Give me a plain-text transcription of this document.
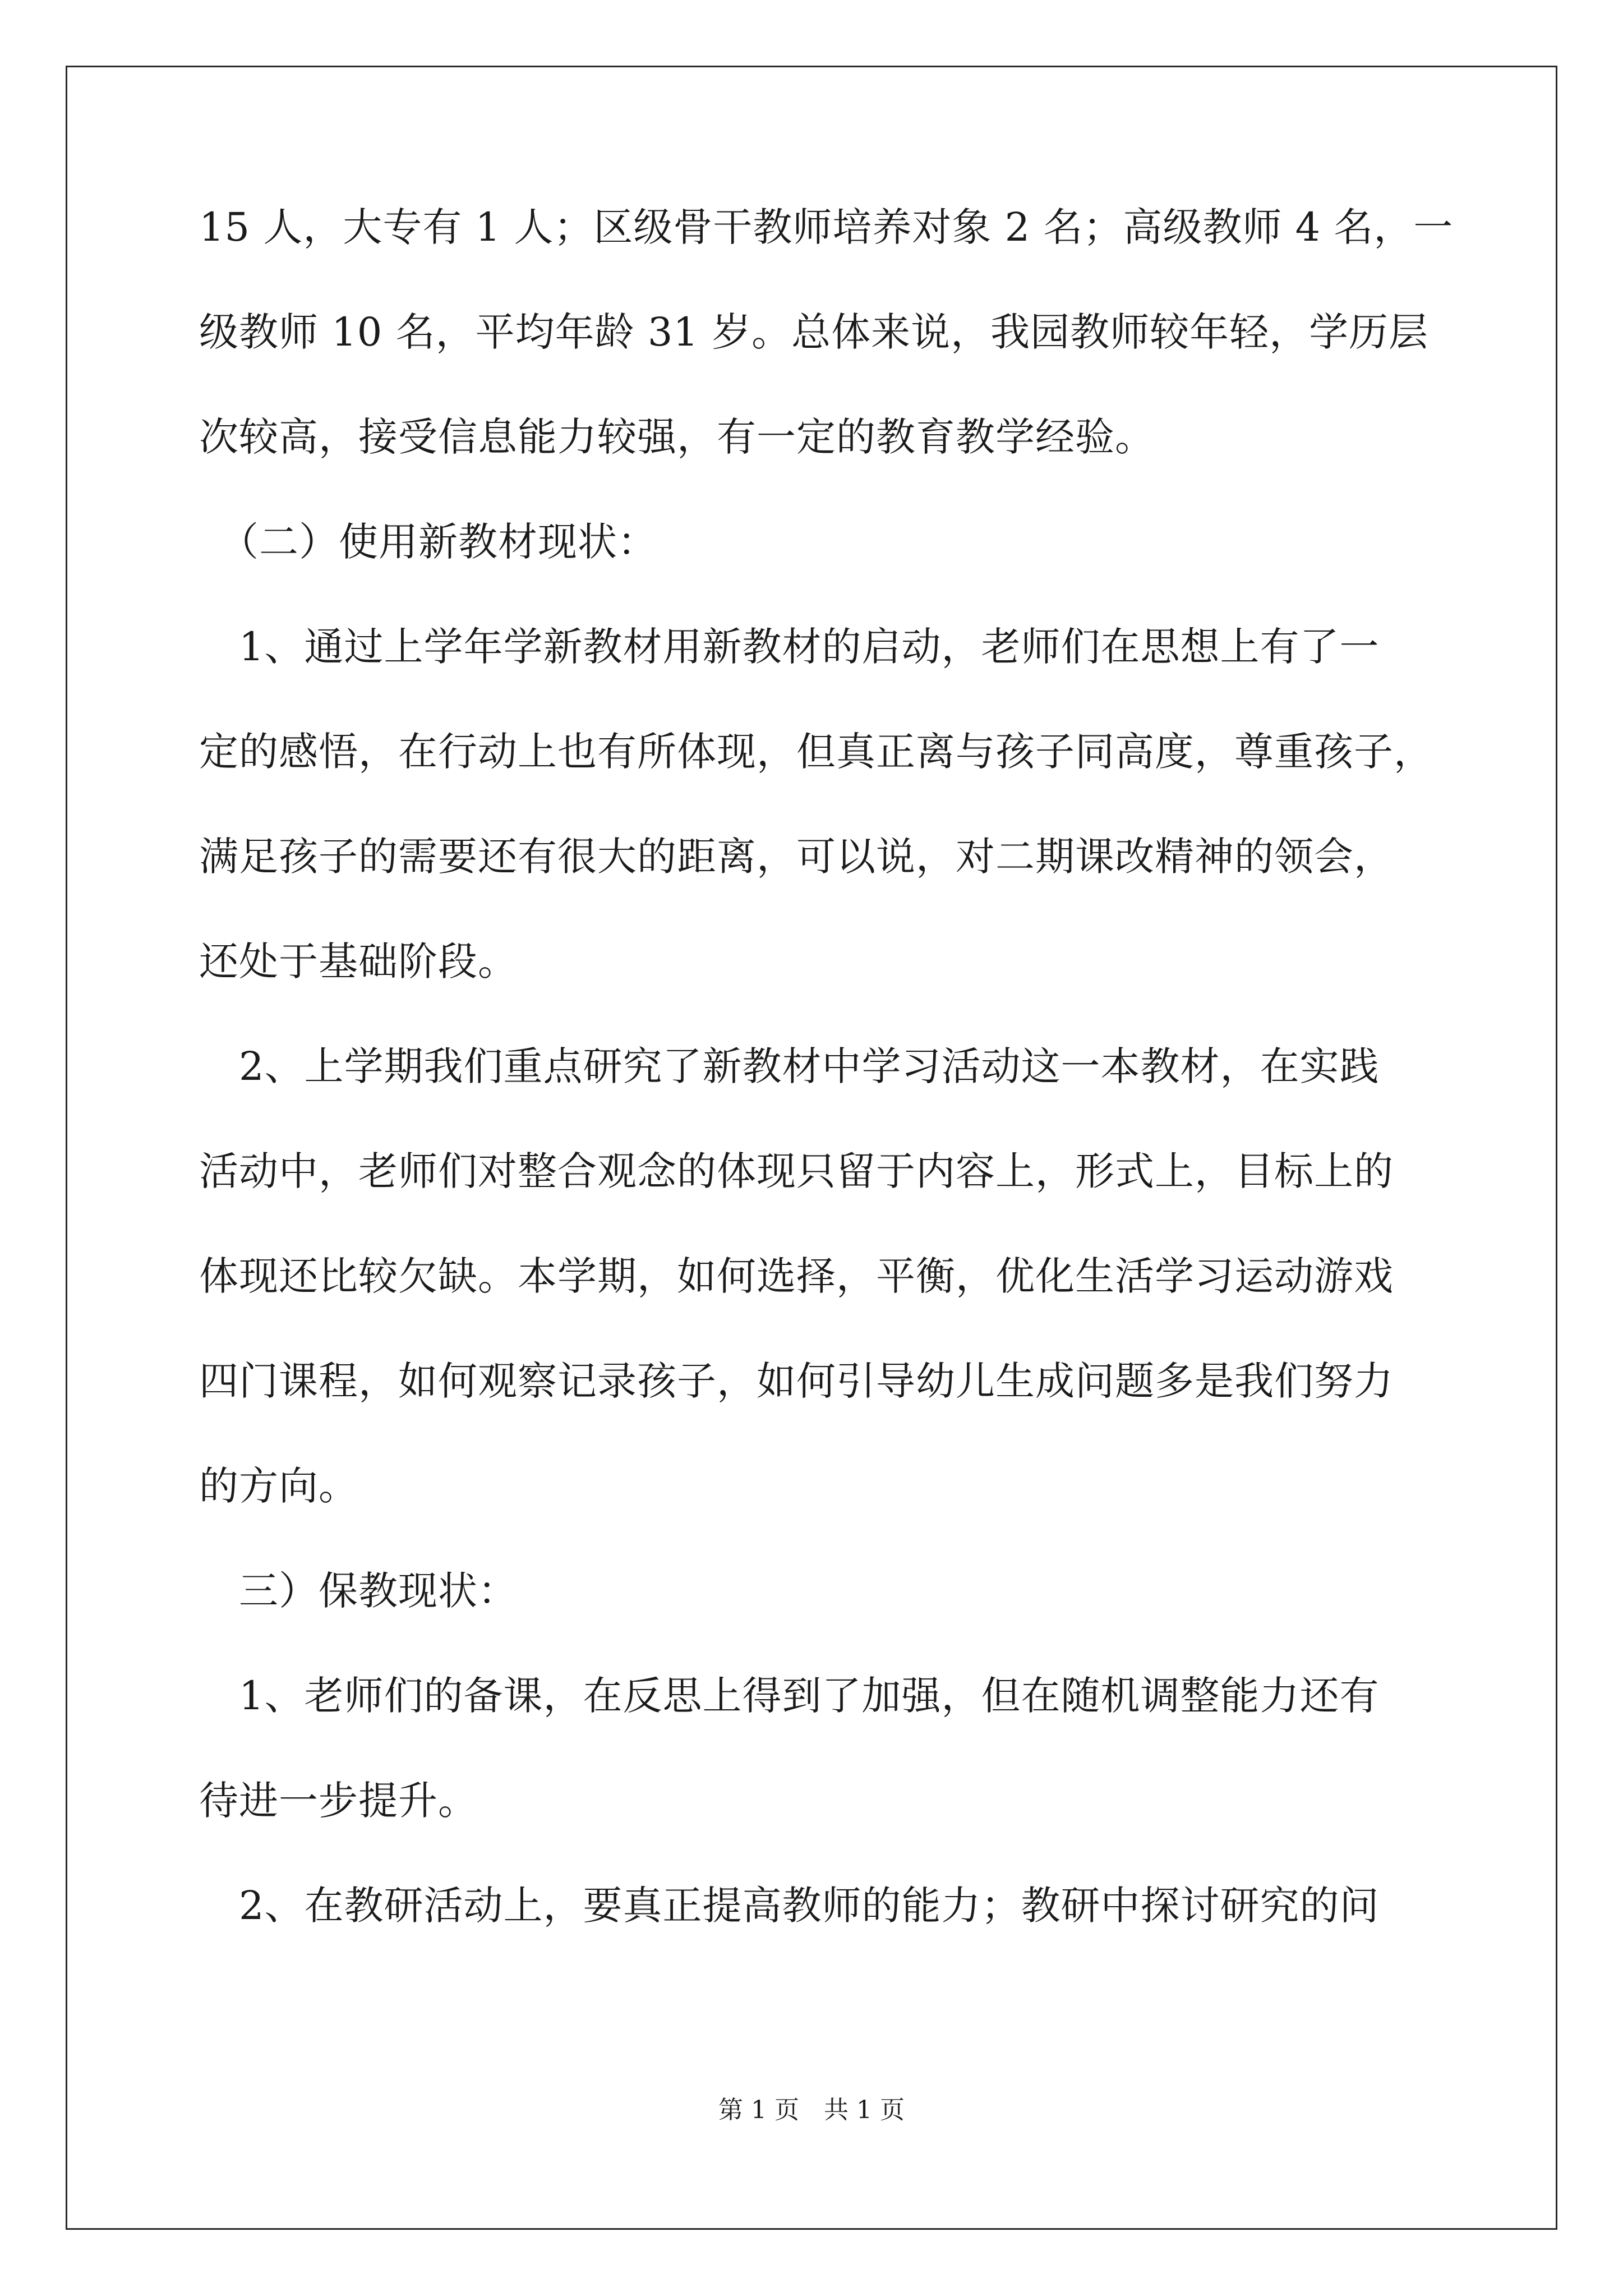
15 人，大专有 1 人；区级骨干教师培养对象 2 名；高级教师 4 名，一
级教师 10 名，平均年龄 31 岁。总体来说，我园教师较年轻，学历层
次较高，接受信息能力较强，有一定的教育教学经验。
　（二）使用新教材现状：
　1、通过上学年学新教材用新教材的启动，老师们在思想上有了一
定的感悟，在行动上也有所体现，但真正离与孩子同高度，尊重孩子，
满足孩子的需要还有很大的距离，可以说，对二期课改精神的领会，
还处于基础阶段。
　2、上学期我们重点研究了新教材中学习活动这一本教材，在实践
活动中，老师们对整合观念的体现只留于内容上，形式上，目标上的
体现还比较欠缺。本学期，如何选择，平衡，优化生活学习运动游戏
四门课程，如何观察记录孩子，如何引导幼儿生成问题多是我们努力
的方向。
　三）保教现状：
　1、老师们的备课，在反思上得到了加强，但在随机调整能力还有
待进一步提升。
　2、在教研活动上，要真正提高教师的能力；教研中探讨研究的问
第 1 页　共 1 页
